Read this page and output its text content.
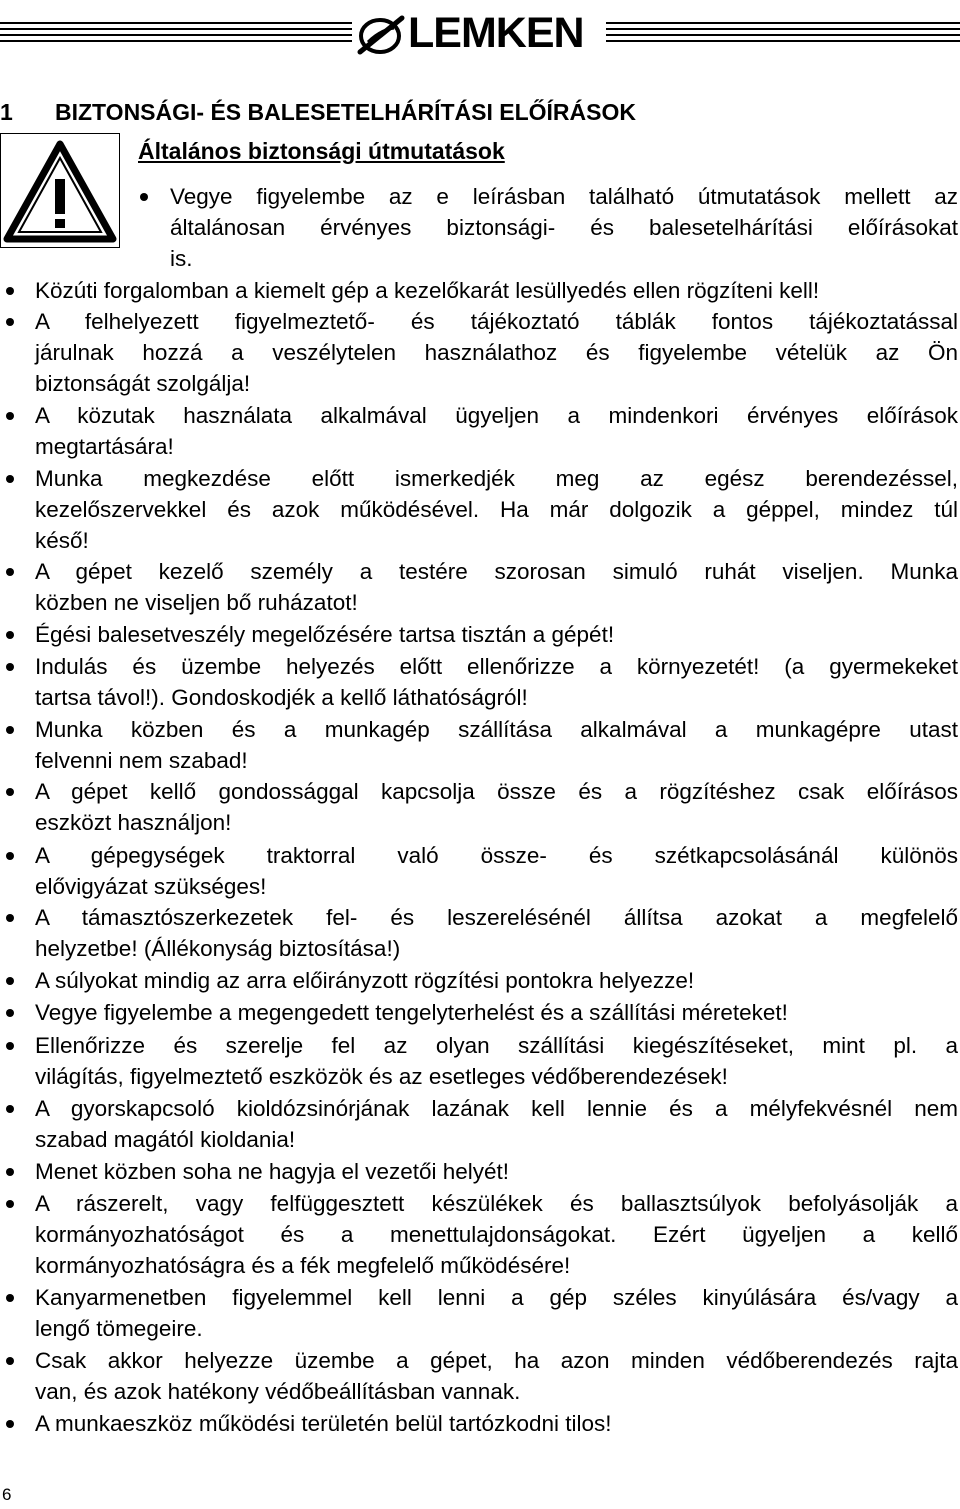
LEMKEN
1 BIZTONSÁGI- ÉS BALESETELHÁRÍTÁSI ELŐÍRÁSOK
Általános biztonsági útmutatások
Vegye figyelembe az e leírásban található útmutatások mellett az
általánosan érvényes biztonsági- és balesetelhárítási előírásokat
is.
Közúti forgalomban a kiemelt gép a kezelőkarát lesüllyedés ellen rögzíteni kell!
A felhelyezett figyelmeztető- és tájékoztató táblák fontos tájékoztatással
járulnak hozzá a veszélytelen használathoz és figyelembe vételük az Ön
biztonságát szolgálja!
A közutak használata alkalmával ügyeljen a mindenkori érvényes előírások
megtartására!
Munka megkezdése előtt ismerkedjék meg az egész berendezéssel,
kezelőszervekkel és azok működésével. Ha már dolgozik a géppel, mindez túl
késő!
A gépet kezelő személy a testére szorosan simuló ruhát viseljen. Munka
közben ne viseljen bő ruházatot!
Égési balesetveszély megelőzésére tartsa tisztán a gépét!
Indulás és üzembe helyezés előtt ellenőrizze a környezetét! (a gyermekeket
tartsa távol!). Gondoskodjék a kellő láthatóságról!
Munka közben és a munkagép szállítása alkalmával a munkagépre utast
felvenni nem szabad!
A gépet kellő gondossággal kapcsolja össze és a rögzítéshez csak előírásos
eszközt használjon!
A gépegységek traktorral való össze- és szétkapcsolásánál különös
elővigyázat szükséges!
A támasztószerkezetek fel- és leszerelésénél állítsa azokat a megfelelő
helyzetbe! (Állékonyság biztosítása!)
A súlyokat mindig az arra előirányzott rögzítési pontokra helyezze!
Vegye figyelembe a megengedett tengelyterhelést és a szállítási méreteket!
Ellenőrizze és szerelje fel az olyan szállítási kiegészítéseket, mint pl. a
világítás, figyelmeztető eszközök és az esetleges védőberendezések!
A gyorskapcsoló kioldózsinórjának lazának kell lennie és a mélyfekvésnél nem
szabad magától kioldania!
Menet közben soha ne hagyja el vezetői helyét!
A rászerelt, vagy felfüggesztett készülékek és ballasztsúlyok befolyásolják a
kormányozhatóságot és a menettulajdonságokat. Ezért ügyeljen a kellő
kormányozhatóságra és a fék megfelelő működésére!
Kanyarmenetben figyelemmel kell lenni a gép széles kinyúlására és/vagy a
lengő tömegeire.
Csak akkor helyezze üzembe a gépet, ha azon minden védőberendezés rajta
van, és azok hatékony védőbeállításban vannak.
A munkaeszköz működési területén belül tartózkodni tilos!
6
